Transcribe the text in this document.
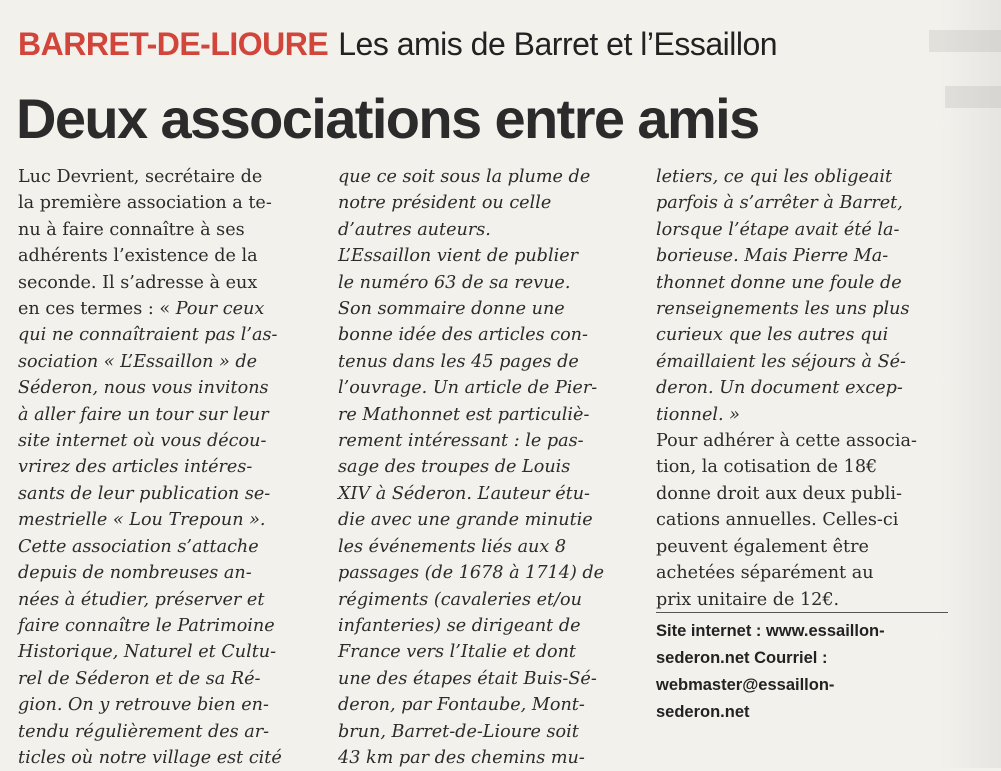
BARRET-DE-LIOURE Les amis de Barret et l’Essaillon
Deux associations entre amis
Luc Devrient, secrétaire de
la première association a te-
nu à faire connaître à ses
adhérents l’existence de la
seconde. Il s’adresse à eux
en ces termes : « Pour ceux
qui ne connaîtraient pas l’as-
sociation « L’Essaillon » de
Séderon, nous vous invitons
à aller faire un tour sur leur
site internet où vous décou-
vrirez des articles intéres-
sants de leur publication se-
mestrielle « Lou Trepoun ».
Cette association s’attache
depuis de nombreuses an-
nées à étudier, préserver et
faire connaître le Patrimoine
Historique, Naturel et Cultu-
rel de Séderon et de sa Ré-
gion. On y retrouve bien en-
tendu régulièrement des ar-
ticles où notre village est cité
que ce soit sous la plume de
notre président ou celle
d’autres auteurs.
L’Essaillon vient de publier
le numéro 63 de sa revue.
Son sommaire donne une
bonne idée des articles con-
tenus dans les 45 pages de
l’ouvrage. Un article de Pier-
re Mathonnet est particuliè-
rement intéressant : le pas-
sage des troupes de Louis
XIV à Séderon. L’auteur étu-
die avec une grande minutie
les événements liés aux 8
passages (de 1678 à 1714) de
régiments (cavaleries et/ou
infanteries) se dirigeant de
France vers l’Italie et dont
une des étapes était Buis-Sé-
deron, par Fontaube, Mont-
brun, Barret-de-Lioure soit
43 km par des chemins mu-
letiers, ce qui les obligeait
parfois à s’arrêter à Barret,
lorsque l’étape avait été la-
borieuse. Mais Pierre Ma-
thonnet donne une foule de
renseignements les uns plus
curieux que les autres qui
émaillaient les séjours à Sé-
deron. Un document excep-
tionnel. »
Pour adhérer à cette associa-
tion, la cotisation de 18€
donne droit aux deux publi-
cations annuelles. Celles-ci
peuvent également être
achetées séparément au
prix unitaire de 12€.
Site internet : www.essaillon-
sederon.net Courriel :
webmaster@essaillon-
sederon.net
